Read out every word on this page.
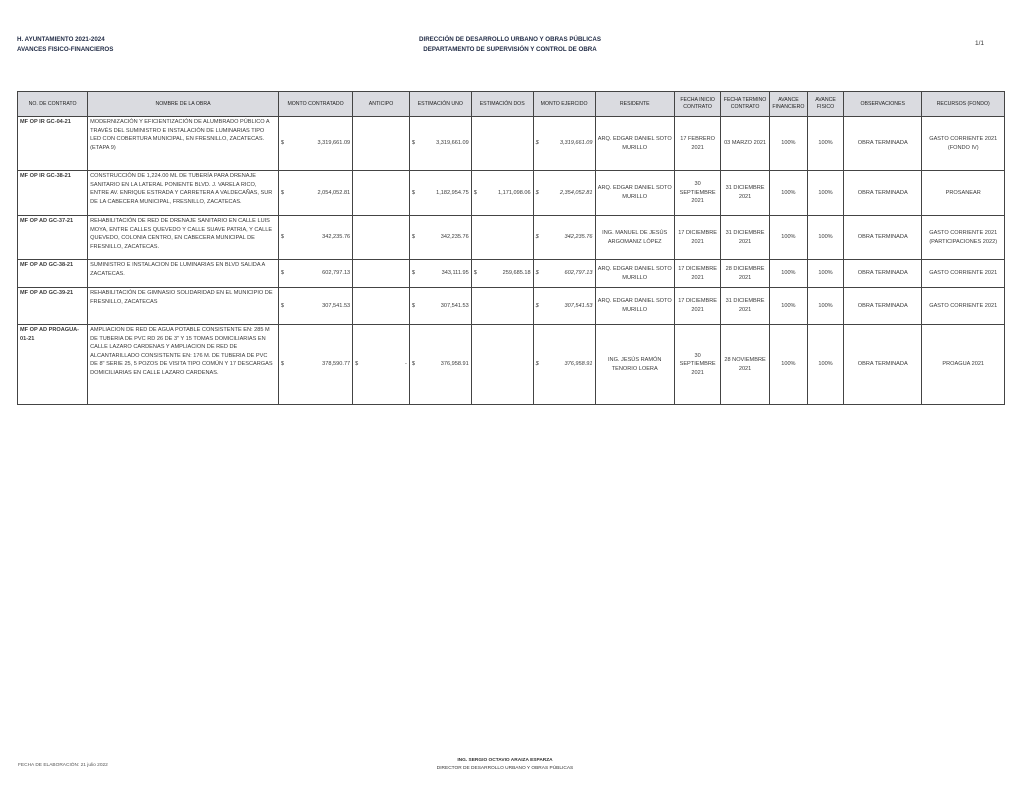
H. AYUNTAMIENTO 2021-2024
AVANCES FISICO-FINANCIEROS
DIRECCIÓN DE DESARROLLO URBANO Y OBRAS PÚBLICAS
DEPARTAMENTO DE SUPERVISIÓN Y CONTROL DE OBRA
1/1
NO. DE CONTRATO	NOMBRE DE LA OBRA	MONTO CONTRATADO	ANTICIPO	ESTIMACIÓN UNO	ESTIMACIÓN DOS	MONTO EJERCIDO	RESIDENTE	FECHA INICIO CONTRATO	FECHA TERMINO CONTRATO	AVANCE FINANCIERO	AVANCE FISICO	OBSERVACIONES	RECURSOS (FONDO)
MF OP IR GC-04-21	MODERNIZACIÓN Y EFICIENTIZACIÓN DE ALUMBRADO PÚBLICO A TRAVÉS DEL SUMINISTRO E INSTALACIÓN DE LUMINARIAS TIPO LED CON COBERTURA MUNICIPAL, EN FRESNILLO, ZACATECAS. (ETAPA 9)	$ 3,319,661.09		$ 3,319,661.09		$ 3,319,661.09	ARQ. EDGAR DANIEL SOTO MURILLO	17 FEBRERO 2021	03 MARZO 2021	100%	100%	OBRA TERMINADA	GASTO CORRIENTE 2021 (FONDO IV)
MF OP IR GC-38-21	CONSTRUCCIÓN DE 1,224.00 ML DE TUBERÍA PARA DRENAJE SANITARIO EN LA LATERAL PONIENTE BLVD. J. VARELA RICO, ENTRE AV. ENRIQUE ESTRADA Y CARRETERA A VALDECAÑAS, SUR DE LA CABECERA MUNICIPAL, FRESNILLO, ZACATECAS.	$ 2,054,052.81		$ 1,182,954.75	$ 1,171,098.06	$ 2,354,052.81	ARQ. EDGAR DANIEL SOTO MURILLO	30 SEPTIEMBRE 2021	31 DICIEMBRE 2021	100%	100%	OBRA TERMINADA	PROSANEAR
MF OP AD GC-37-21	REHABILITACIÓN DE RED DE DRENAJE SANITARIO EN CALLE LUIS MOYA, ENTRE CALLES QUEVEDO Y CALLE SUAVE PATRIA, Y CALLE QUEVEDO, COLONIA CENTRO, EN CABECERA MUNICIPAL DE FRESNILLO, ZACATECAS.	$ 342,235.76		$ 342,235.76		$ 342,235.76	ING. MANUEL DE JESÚS ARGOMANIZ LÓPEZ	17 DICIEMBRE 2021	31 DICIEMBRE 2021	100%	100%	OBRA TERMINADA	GASTO CORRIENTE 2021 (PARTICIPACIONES 2022)
MF OP AD GC-38-21	SUMINISTRO E INSTALACION DE LUMINARIAS EN BLVD SALIDA A ZACATECAS.	$ 602,797.13		$ 343,111.95	$ 259,685.18	$ 602,797.13	ARQ. EDGAR DANIEL SOTO MURILLO	17 DICIEMBRE 2021	28 DICIEMBRE 2021	100%	100%	OBRA TERMINADA	GASTO CORRIENTE 2021
MF OP AD GC-39-21	REHABILITACIÓN DE GIMNASIO SOLIDARIDAD EN EL MUNICIPIO DE FRESNILLO, ZACATECAS	$ 307,541.53		$ 307,541.53		$ 307,541.53	ARQ. EDGAR DANIEL SOTO MURILLO	17 DICIEMBRE 2021	31 DICIEMBRE 2021	100%	100%	OBRA TERMINADA	GASTO CORRIENTE 2021
MF OP AD PROAGUA-01-21	AMPLIACION DE RED DE AGUA POTABLE CONSISTENTE EN: 285 M DE TUBERIA DE PVC RD 26 DE 3" Y 15 TOMAS DOMICILIARIAS EN CALLE LAZARO CARDENAS Y AMPLIACION DE RED DE ALCANTARILLADO CONSISTENTE EN: 176 M. DE TUBERIA DE PVC DE 8" SERIE 25, 5 POZOS DE VISITA TIPO COMÚN Y 17 DESCARGAS DOMICILIARIAS EN CALLE LAZARO CARDENAS.	$ 378,590.77	$ -	$ 376,958.91		$ 376,958.91	ING. JESÚS RAMÓN TENORIO LOERA	30 SEPTIEMBRE 2021	28 NOVIEMBRE 2021	100%	100%	OBRA TERMINADA	PROAGUA 2021
FECHA DE ELABORACIÓN: 21 julio 2022
ING. SERGIO OCTAVIO ARAIZA ESPARZA
DIRECTOR DE DESARROLLO URBANO Y OBRAS PÚBLICAS
